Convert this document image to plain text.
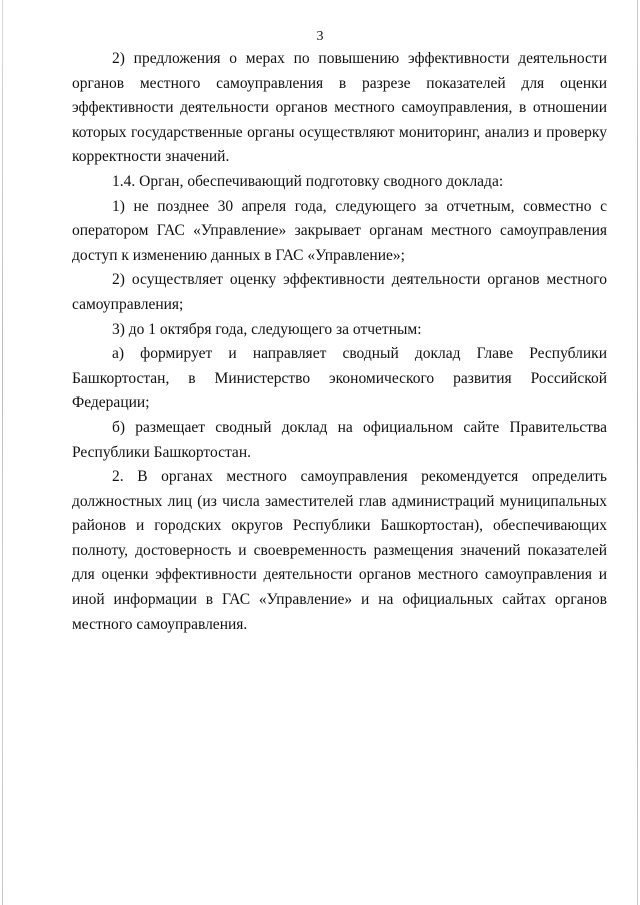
3

2) предложения о мерах по повышению эффективности деятельности органов местного самоуправления в разрезе показателей для оценки эффективности деятельности органов местного самоуправления, в отношении которых государственные органы осуществляют мониторинг, анализ и проверку корректности значений.

1.4. Орган, обеспечивающий подготовку сводного доклада:

1) не позднее 30 апреля года, следующего за отчетным, совместно с оператором ГАС «Управление» закрывает органам местного самоуправления доступ к изменению данных в ГАС «Управление»;

2) осуществляет оценку эффективности деятельности органов местного самоуправления;

3) до 1 октября года, следующего за отчетным:

а) формирует и направляет сводный доклад Главе Республики Башкортостан, в Министерство экономического развития Российской Федерации;

б) размещает сводный доклад на официальном сайте Правительства Республики Башкортостан.

2. В органах местного самоуправления рекомендуется определить должностных лиц (из числа заместителей глав администраций муниципальных районов и городских округов Республики Башкортостан), обеспечивающих полноту, достоверность и своевременность размещения значений показателей для оценки эффективности деятельности органов местного самоуправления и иной информации в ГАС «Управление» и на официальных сайтах органов местного самоуправления.
